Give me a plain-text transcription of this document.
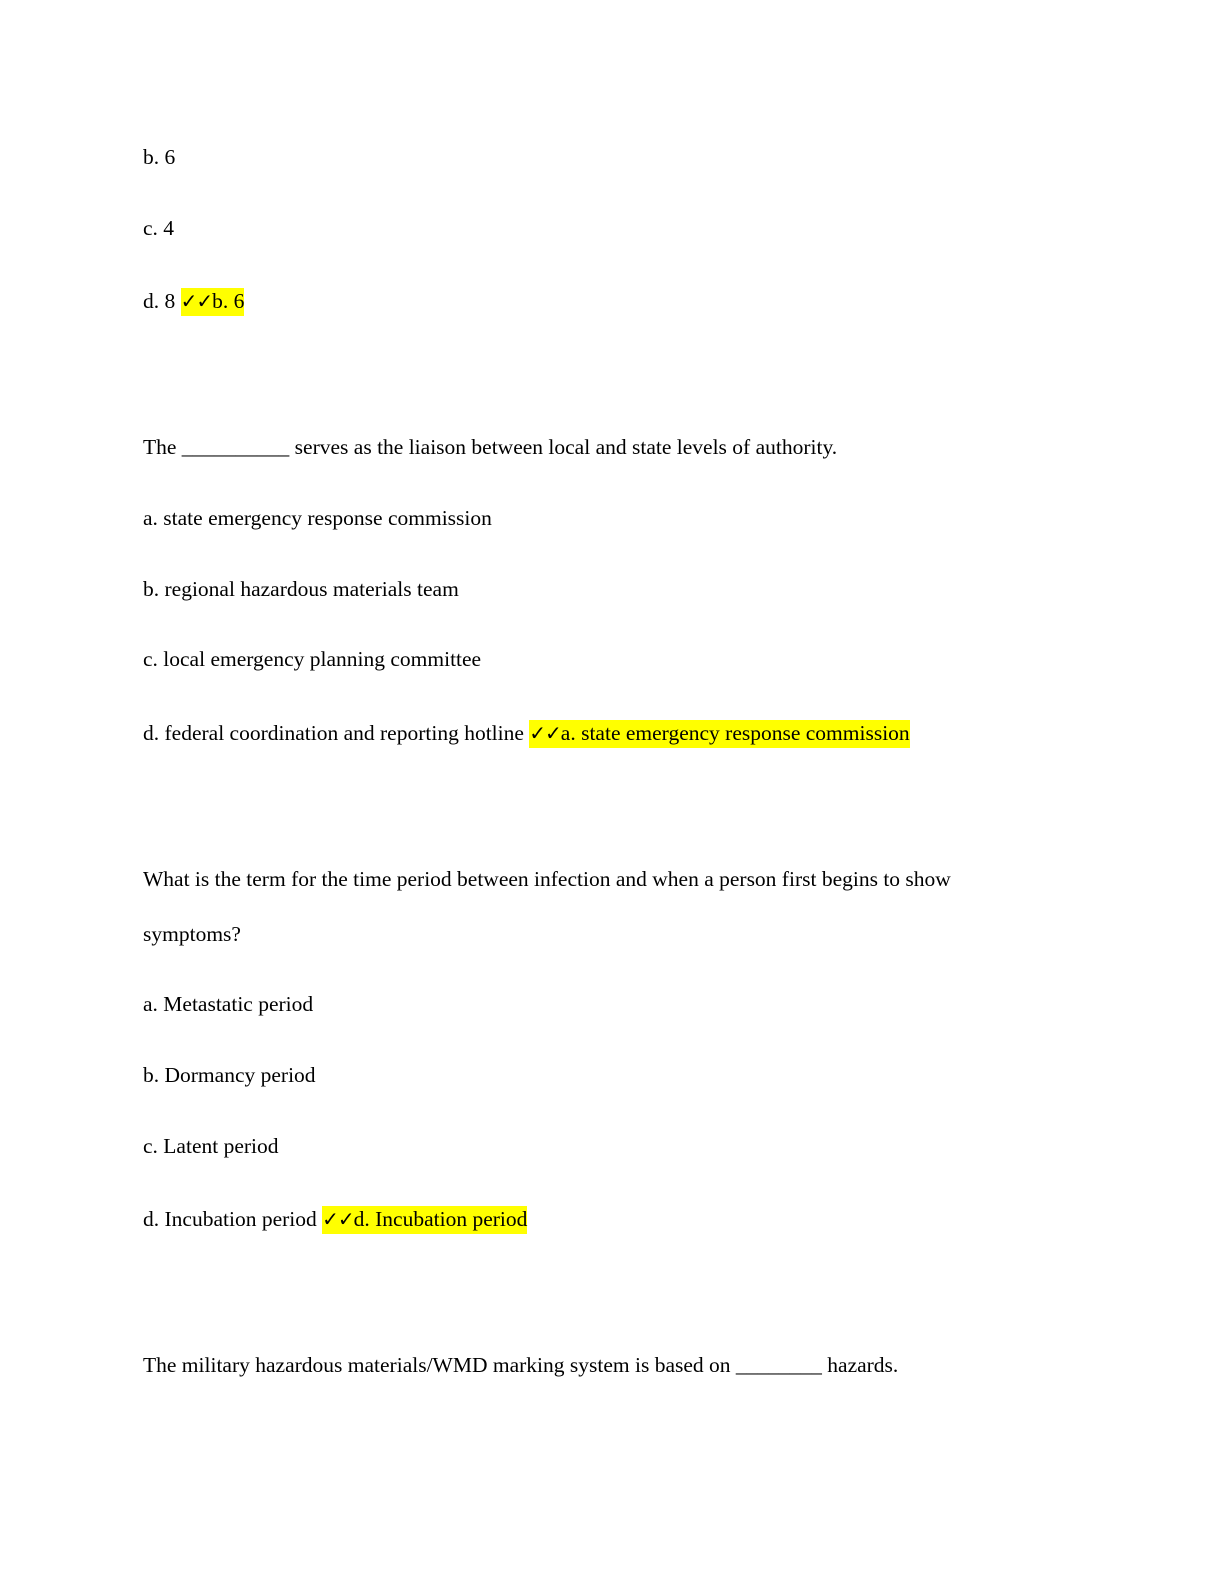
b. 6
c. 4
d. 8 ✓✓b. 6
The __________ serves as the liaison between local and state levels of authority.
a. state emergency response commission
b. regional hazardous materials team
c. local emergency planning committee
d. federal coordination and reporting hotline ✓✓a. state emergency response commission
What is the term for the time period between infection and when a person first begins to show
symptoms?
a. Metastatic period
b. Dormancy period
c. Latent period
d. Incubation period ✓✓d. Incubation period
The military hazardous materials/WMD marking system is based on ________ hazards.
